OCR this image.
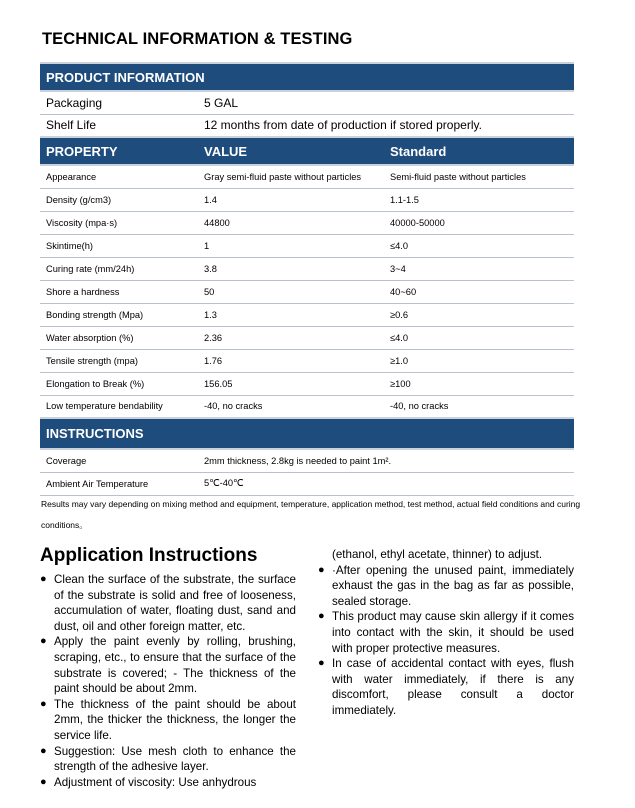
TECHNICAL INFORMATION & TESTING
PRODUCT INFORMATION		
Packaging	5 GAL	
Shelf Life	12 months from date of production if stored properly.	
PROPERTY	VALUE	Standard
Appearance	Gray semi-fluid paste without particles	Semi-fluid paste without particles
Density (g/cm3)	1.4	1.1-1.5
Viscosity (mpa·s)	44800	40000-50000
Skintime(h)	1	≤4.0
Curing rate (mm/24h)	3.8	3~4
Shore a hardness	50	40~60
Bonding strength (Mpa)	1.3	≥0.6
Water absorption (%)	2.36	≤4.0
Tensile strength (mpa)	1.76	≥1.0
Elongation to Break (%)	156.05	≥100
Low temperature bendability	-40, no cracks	-40, no cracks
INSTRUCTIONS		
Coverage	2mm thickness, 2.8kg is needed to paint 1m².	
Ambient Air Temperature	5℃-40℃	
Results may vary depending on mixing method and equipment, temperature, application method, test method, actual field conditions and curing conditions。
Application Instructions
● Clean the surface of the substrate, the surface of the substrate is solid and free of looseness, accumulation of water, floating dust, sand and dust, oil and other foreign matter, etc.
● Apply the paint evenly by rolling, brushing, scraping, etc., to ensure that the surface of the substrate is covered; - The thickness of the paint should be about 2mm.
● The thickness of the paint should be about 2mm, the thicker the thickness, the longer the service life.
● Suggestion: Use mesh cloth to enhance the strength of the adhesive layer.
● Adjustment of viscosity: Use anhydrous

(ethanol, ethyl acetate, thinner) to adjust.

● ·After opening the unused paint, immediately exhaust the gas in the bag as far as possible, sealed storage.
● This product may cause skin allergy if it comes into contact with the skin, it should be used with proper protective measures.
● In case of accidental contact with eyes, flush with water immediately, if there is any discomfort, please consult a doctor immediately.
